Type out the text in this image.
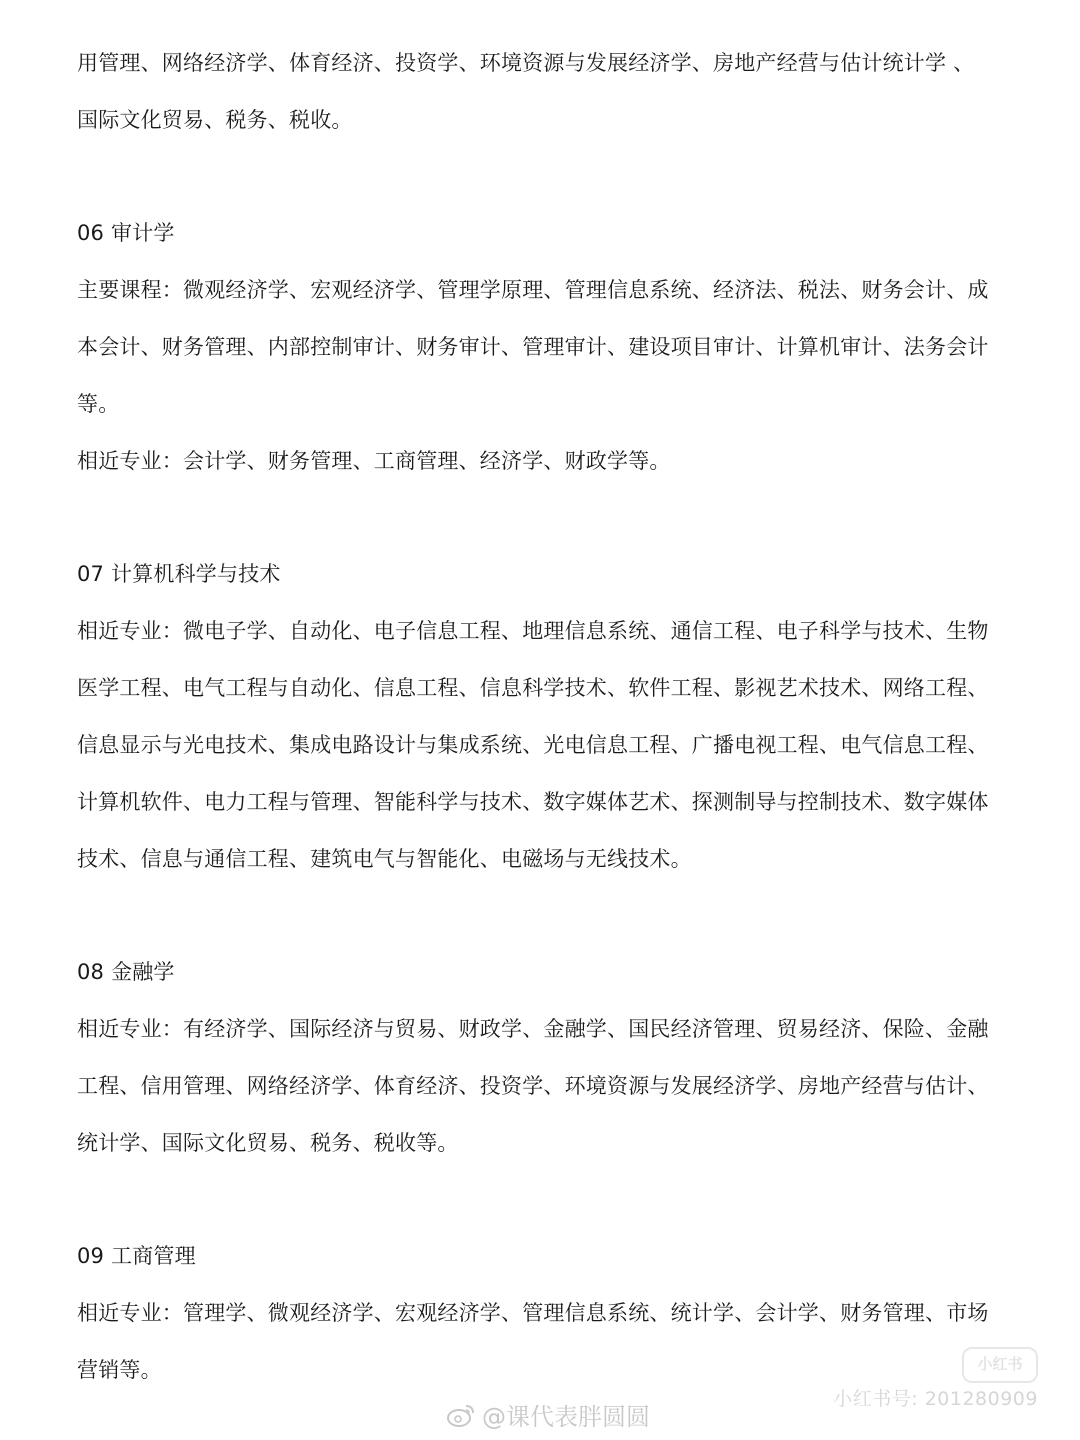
用管理、网络经济学、体育经济、投资学、环境资源与发展经济学、房地产经营与估计统计学 、
国际文化贸易、税务、税收。
06 审计学
主要课程：微观经济学、宏观经济学、管理学原理、管理信息系统、经济法、税法、财务会计、成
本会计、财务管理、内部控制审计、财务审计、管理审计、建设项目审计、计算机审计、法务会计
等。
相近专业：会计学、财务管理、工商管理、经济学、财政学等。
07 计算机科学与技术
相近专业：微电子学、自动化、电子信息工程、地理信息系统、通信工程、电子科学与技术、生物
医学工程、电气工程与自动化、信息工程、信息科学技术、软件工程、影视艺术技术、网络工程、
信息显示与光电技术、集成电路设计与集成系统、光电信息工程、广播电视工程、电气信息工程、
计算机软件、电力工程与管理、智能科学与技术、数字媒体艺术、探测制导与控制技术、数字媒体
技术、信息与通信工程、建筑电气与智能化、电磁场与无线技术。
08 金融学
相近专业：有经济学、国际经济与贸易、财政学、金融学、国民经济管理、贸易经济、保险、金融
工程、信用管理、网络经济学、体育经济、投资学、环境资源与发展经济学、房地产经营与估计、
统计学、国际文化贸易、税务、税收等。
09 工商管理
相近专业：管理学、微观经济学、宏观经济学、管理信息系统、统计学、会计学、财务管理、市场
营销等。	小红书
小红书号: 201280909
@课代表胖圆圆
